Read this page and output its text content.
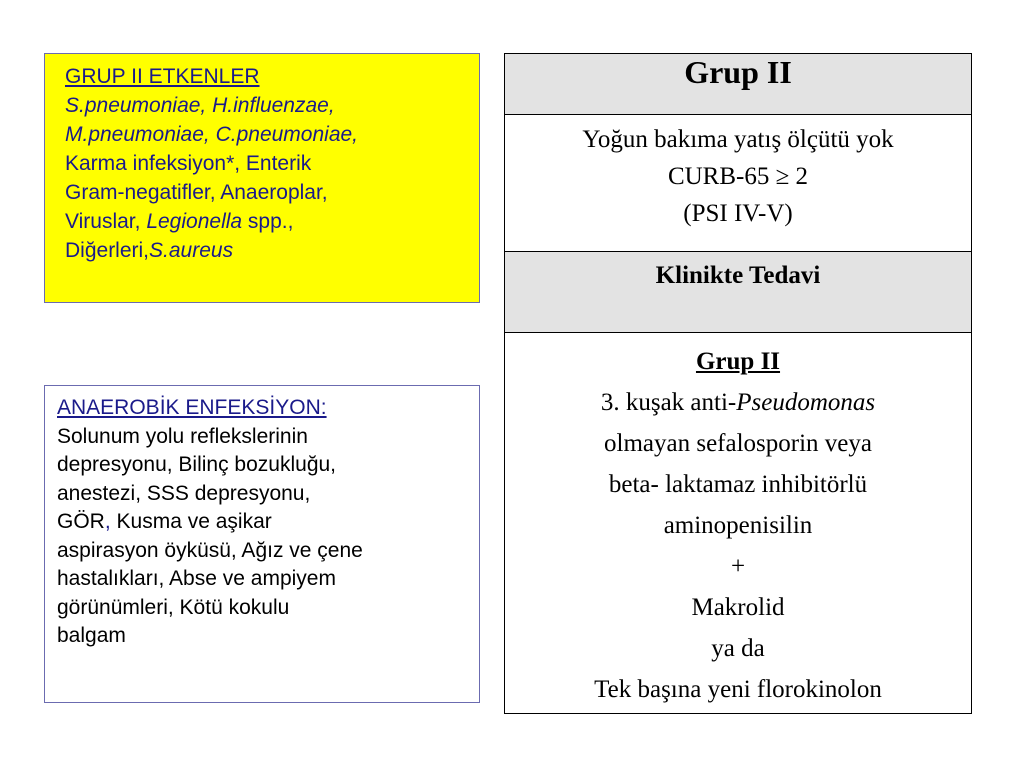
GRUP II ETKENLER
S.pneumoniae, H.influenzae,
M.pneumoniae, C.pneumoniae,
Karma infeksiyon*, Enterik
Gram-negatifler, Anaeroplar,
Viruslar, Legionella spp.,
Diğerleri,S.aureus
ANAEROBİK ENFEKSİYON:
Solunum yolu reflekslerinin
depresyonu, Bilinç bozukluğu,
anestezi, SSS depresyonu,
GÖR, Kusma ve aşikar
aspirasyon öyküsü, Ağız ve çene
hastalıkları, Abse ve ampiyem
görünümleri, Kötü kokulu
balgam
Grup II

Yoğun bakıma yatış ölçütü yok
CURB-65 ≥ 2
(PSI IV-V)

Klinikte Tedavi

Grup II
3. kuşak anti-Pseudomonas
olmayan sefalosporin veya
beta- laktamaz inhibitörlü
aminopenisilin
+
Makrolid
ya da
Tek başına yeni florokinolon
